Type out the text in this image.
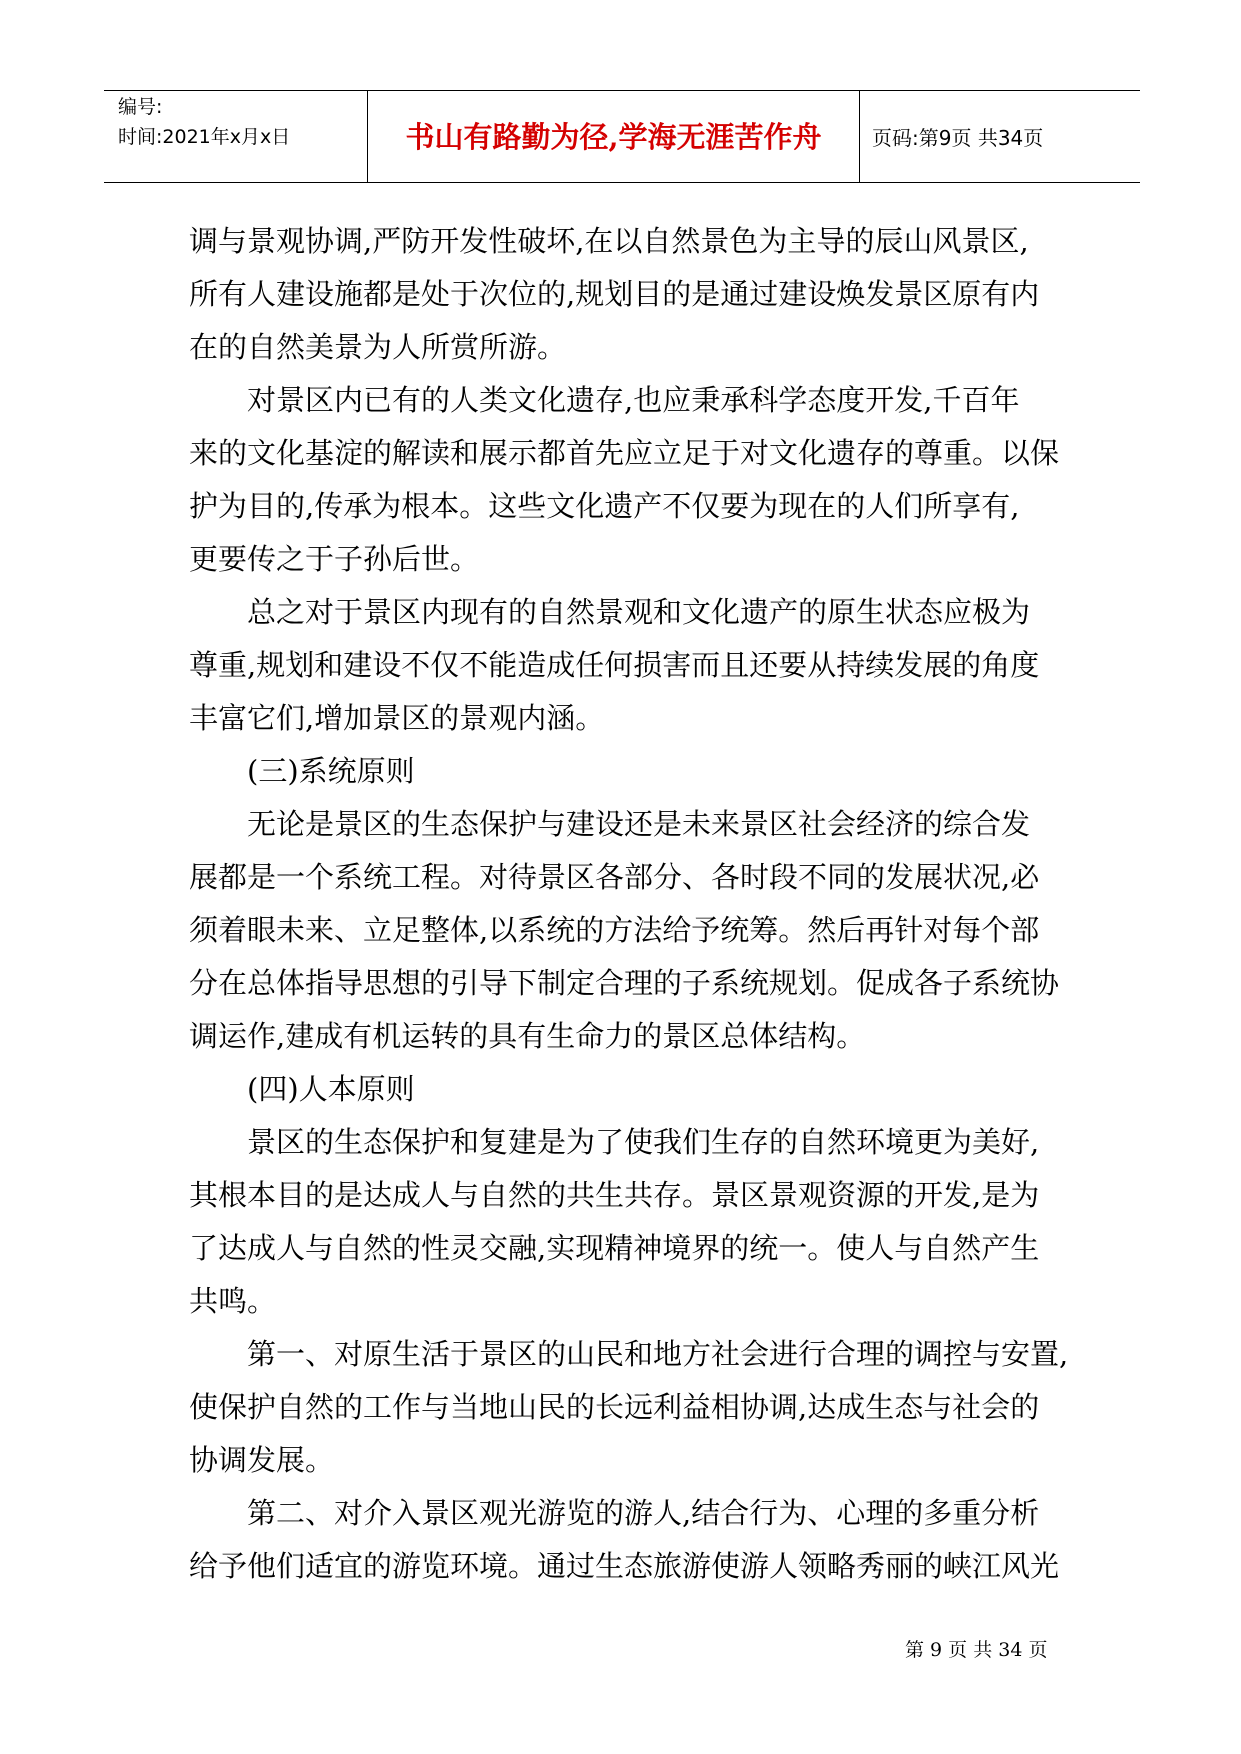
编号:
时间:2021年x月x日	书山有路勤为径,学海无涯苦作舟	页码:第9页 共34页

调与景观协调,严防开发性破坏,在以自然景色为主导的辰山风景区,

所有人建设施都是处于次位的,规划目的是通过建设焕发景区原有内

在的自然美景为人所赏所游。

对景区内已有的人类文化遗存,也应秉承科学态度开发,千百年

来的文化基淀的解读和展示都首先应立足于对文化遗存的尊重。以保

护为目的,传承为根本。这些文化遗产不仅要为现在的人们所享有,

更要传之于子孙后世。

总之对于景区内现有的自然景观和文化遗产的原生状态应极为

尊重,规划和建设不仅不能造成任何损害而且还要从持续发展的角度

丰富它们,增加景区的景观内涵。

(三)系统原则

无论是景区的生态保护与建设还是未来景区社会经济的综合发

展都是一个系统工程。对待景区各部分、各时段不同的发展状况,必

须着眼未来、立足整体,以系统的方法给予统筹。然后再针对每个部

分在总体指导思想的引导下制定合理的子系统规划。促成各子系统协

调运作,建成有机运转的具有生命力的景区总体结构。

(四)人本原则

景区的生态保护和复建是为了使我们生存的自然环境更为美好,

其根本目的是达成人与自然的共生共存。景区景观资源的开发,是为

了达成人与自然的性灵交融,实现精神境界的统一。使人与自然产生

共鸣。

第一、对原生活于景区的山民和地方社会进行合理的调控与安置,

使保护自然的工作与当地山民的长远利益相协调,达成生态与社会的

协调发展。

第二、对介入景区观光游览的游人,结合行为、心理的多重分析

给予他们适宜的游览环境。通过生态旅游使游人领略秀丽的峡江风光

第 9 页 共 34 页
